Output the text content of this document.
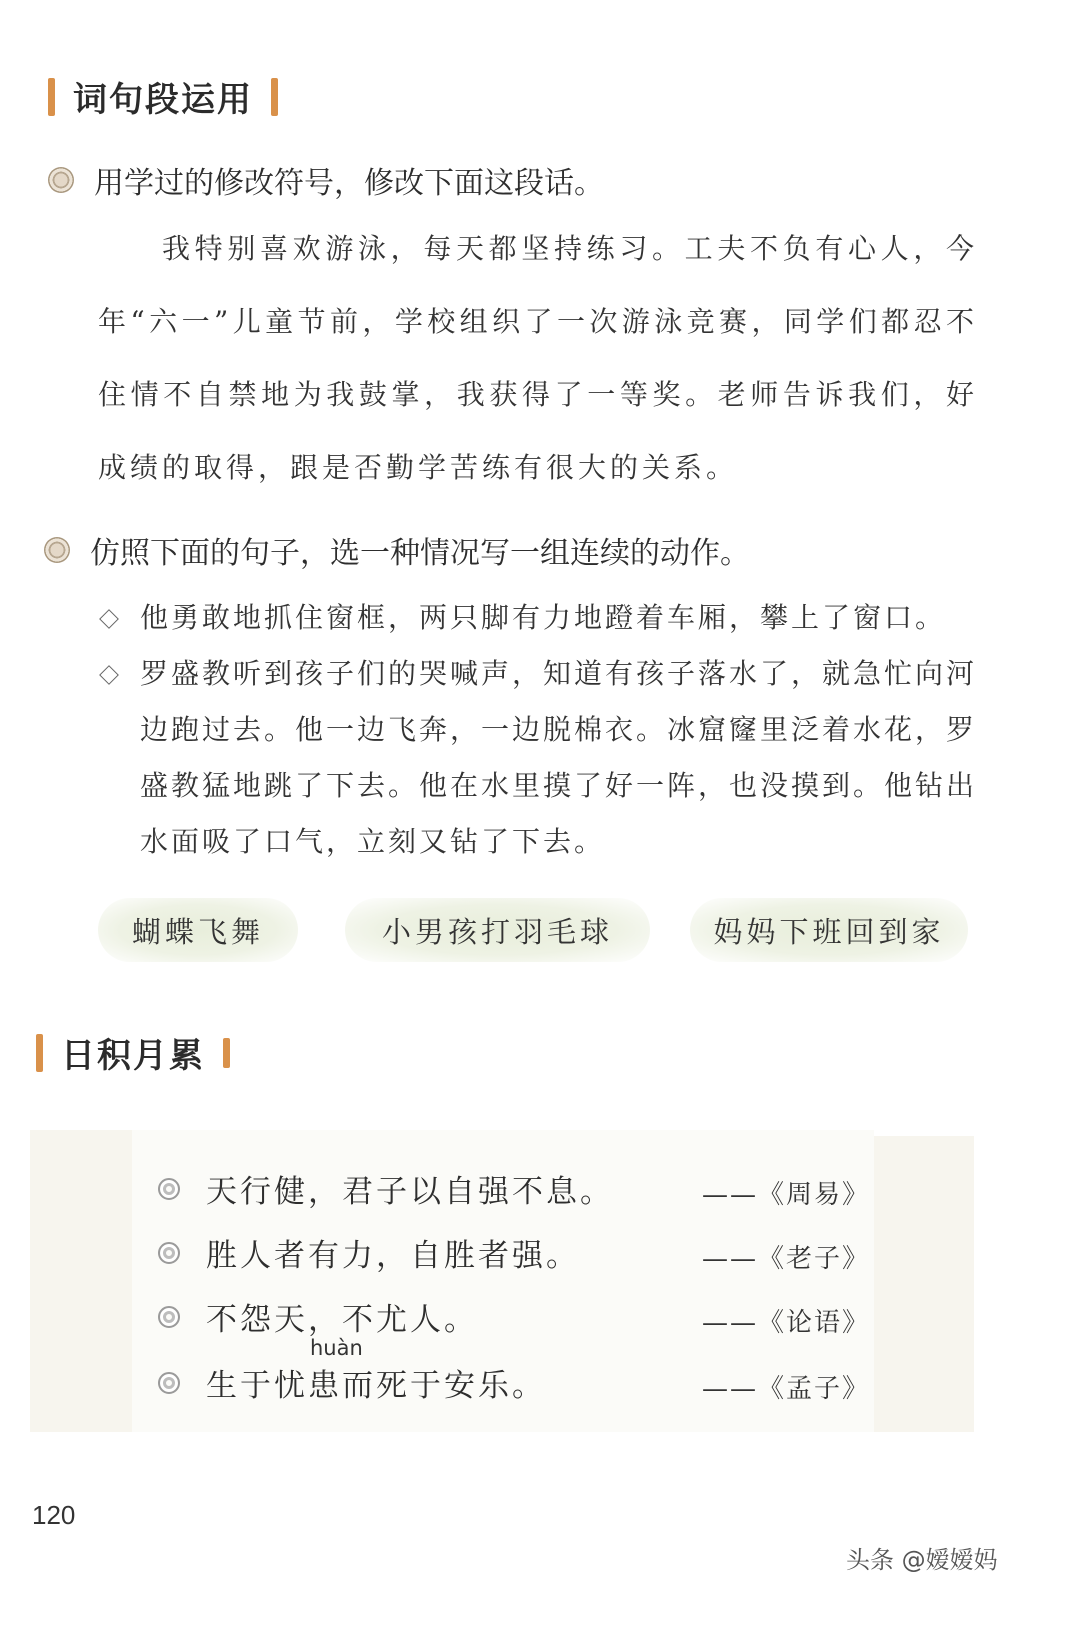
词句段运用
用学过的修改符号，修改下面这段话。
我特别喜欢游泳，每天都坚持练习。工夫不负有心人，今年“六一”儿童节前，学校组织了一次游泳竞赛，同学们都忍不住情不自禁地为我鼓掌，我获得了一等奖。老师告诉我们，好成绩的取得，跟是否勤学苦练有很大的关系。
仿照下面的句子，选一种情况写一组连续的动作。
他勇敢地抓住窗框，两只脚有力地蹬着车厢，攀上了窗口。
罗盛教听到孩子们的哭喊声，知道有孩子落水了，就急忙向河边跑过去。他一边飞奔，一边脱棉衣。冰窟窿里泛着水花，罗盛教猛地跳了下去。他在水里摸了好一阵，也没摸到。他钻出水面吸了口气，立刻又钻了下去。
蝴蝶飞舞	小男孩打羽毛球	妈妈下班回到家
日积月累
天行健，君子以自强不息。	——《周易》
胜人者有力，自胜者强。	——《老子》
不怨天，不尤人。	——《论语》
huàn
生于忧 患 而死于安乐。	——《孟子》
120
头条 @嫒嫒妈
